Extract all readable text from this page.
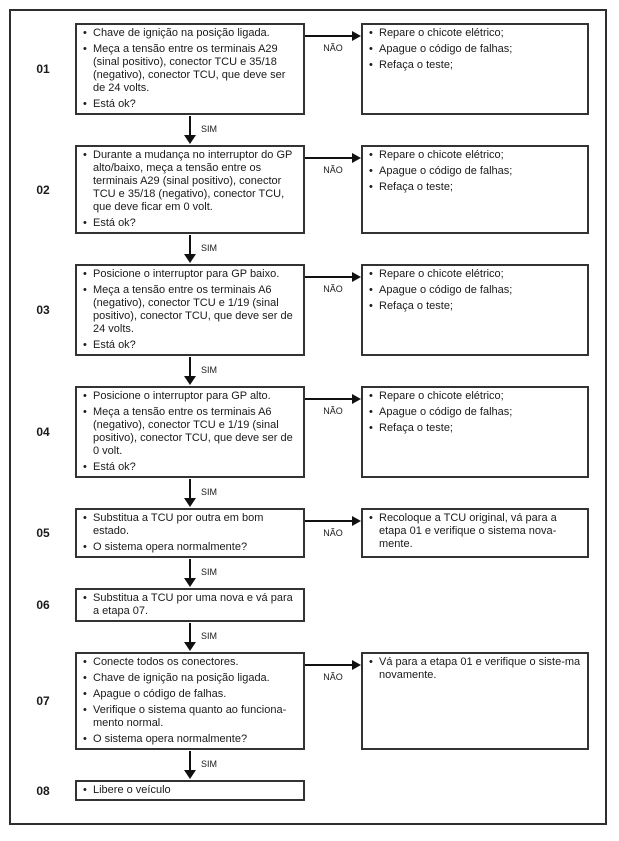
01
• Chave de ignição na posição ligada.
• Meça a tensão entre os terminais A29 (sinal positivo), conector TCU e 35/18 (negativo), conector TCU, que deve ser de 24 volts.
• Está ok?
NÃO
• Repare o chicote elétrico;
• Apague o código de falhas;
• Refaça o teste;
SIM
02
• Durante a mudança no interruptor do GP alto/baixo, meça a tensão entre os terminais A29 (sinal positivo), conector TCU e 35/18 (negativo), conector TCU, que deve ficar em 0 volt.
• Está ok?
NÃO
• Repare o chicote elétrico;
• Apague o código de falhas;
• Refaça o teste;
SIM
03
• Posicione o interruptor para GP baixo.
• Meça a tensão entre os terminais A6 (negativo), conector TCU e 1/19 (sinal positivo), conector TCU, que deve ser de 24 volts.
• Está ok?
NÃO
• Repare o chicote elétrico;
• Apague o código de falhas;
• Refaça o teste;
SIM
04
• Posicione o interruptor para GP alto.
• Meça a tensão entre os terminais A6 (negativo), conector TCU e 1/19 (sinal positivo), conector TCU, que deve ser de 0 volt.
• Está ok?
NÃO
• Repare o chicote elétrico;
• Apague o código de falhas;
• Refaça o teste;
SIM
05
• Substitua a TCU por outra em bom estado.
• O sistema opera normalmente?
NÃO
• Recoloque a TCU original, vá para a etapa 01 e verifique o sistema nova-mente.
SIM
06	• Substitua a TCU por uma nova e vá para a etapa 07.
SIM
07
• Conecte todos os conectores.
• Chave de ignição na posição ligada.
• Apague o código de falhas.
• Verifique o sistema quanto ao funciona-mento normal.
• O sistema opera normalmente?
NÃO
• Vá para a etapa 01 e verifique o siste-ma novamente.
SIM
08	• Libere o veículo
